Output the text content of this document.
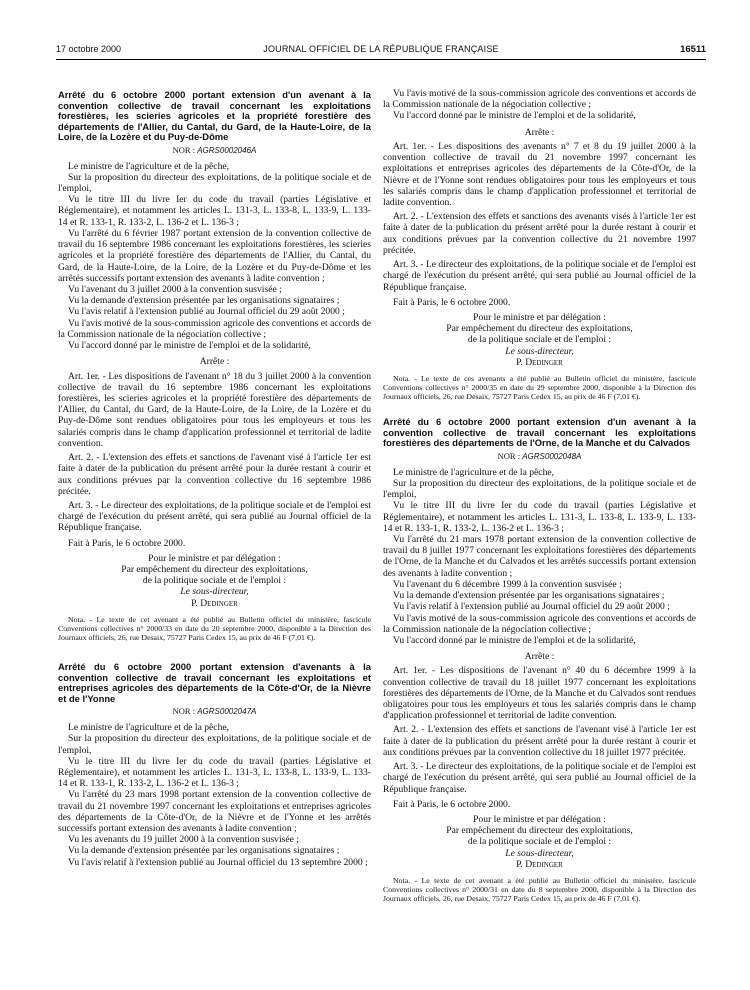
17 octobre 2000	JOURNAL OFFICIEL DE LA RÉPUBLIQUE FRANÇAISE	16511

Arrêté du 6 octobre 2000 portant extension d'un avenant à la convention collective de travail concernant les exploitations forestières, les scieries agricoles et la propriété forestière des départements de l'Allier, du Cantal, du Gard, de la Haute-Loire, de la Loire, de la Lozère et du Puy-de-Dôme

NOR : AGRS0002046A

Le ministre de l'agriculture et de la pêche,

Sur la proposition du directeur des exploitations, de la politique sociale et de l'emploi,

Vu le titre III du livre Ier du code du travail (parties Législative et Réglementaire), et notamment les articles L. 131-3, L. 133-8, L. 133-9, L. 133-14 et R. 133-1, R. 133-2, L. 136-2 et L. 136-3 ;

Vu l'arrêté du 6 février 1987 portant extension de la convention collective de travail du 16 septembre 1986 concernant les exploitations forestières, les scieries agricoles et la propriété forestière des départements de l'Allier, du Cantal, du Gard, de la Haute-Loire, de la Loire, de la Lozère et du Puy-de-Dôme et les arrêtés successifs portant extension des avenants à ladite convention ;

Vu l'avenant du 3 juillet 2000 à la convention susvisée ;

Vu la demande d'extension présentée par les organisations signataires ;

Vu l'avis relatif à l'extension publié au Journal officiel du 29 août 2000 ;

Vu l'avis motivé de la sous-commission agricole des conventions et accords de la Commission nationale de la négociation collective ;

Vu l'accord donné par le ministre de l'emploi et de la solidarité,

Arrête :

Art. 1er. - Les dispositions de l'avenant n° 18 du 3 juillet 2000 à la convention collective de travail du 16 septembre 1986 concernant les exploitations forestières, les scieries agricoles et la propriété forestière des départements de l'Allier, du Cantal, du Gard, de la Haute-Loire, de la Loire, de la Lozère et du Puy-de-Dôme sont rendues obligatoires pour tous les employeurs et tous les salariés compris dans le champ d'application professionnel et territorial de ladite convention.

Art. 2. - L'extension des effets et sanctions de l'avenant visé à l'article 1er est faite à dater de la publication du présent arrêté pour la durée restant à courir et aux conditions prévues par la convention collective du 16 septembre 1986 précitée.

Art. 3. - Le directeur des exploitations, de la politique sociale et de l'emploi est chargé de l'exécution du présent arrêté, qui sera publié au Journal officiel de la République française.

Fait à Paris, le 6 octobre 2000.

Pour le ministre et par délégation :
Par empêchement du directeur des exploitations,
de la politique sociale et de l'emploi :
Le sous-directeur,
P. Dedinger

Nota. - Le texte de cet avenant a été publié au Bulletin officiel du ministère, fascicule Conventions collectives n° 2000/33 en date du 20 septembre 2000, disponible à la Direction des Journaux officiels, 26, rue Desaix, 75727 Paris Cedex 15, au prix de 46 F (7,01 €).

Arrêté du 6 octobre 2000 portant extension d'avenants à la convention collective de travail concernant les exploitations et entreprises agricoles des départements de la Côte-d'Or, de la Nièvre et de l'Yonne

NOR : AGRS0002047A

Le ministre de l'agriculture et de la pêche,

Sur la proposition du directeur des exploitations, de la politique sociale et de l'emploi,

Vu le titre III du livre Ier du code du travail (parties Législative et Réglementaire), et notamment les articles L. 131-3, L. 133-8, L. 133-9, L. 133-14 et R. 133-1, R. 133-2, L. 136-2 et L. 136-3 ;

Vu l'arrêté du 23 mars 1998 portant extension de la convention collective de travail du 21 novembre 1997 concernant les exploitations et entreprises agricoles des départements de la Côte-d'Or, de la Nièvre et de l'Yonne et les arrêtés successifs portant extension des avenants à ladite convention ;

Vu les avenants du 19 juillet 2000 à la convention susvisée ;

Vu la demande d'extension présentée par les organisations signataires ;

Vu l'avis relatif à l'extension publié au Journal officiel du 13 septembre 2000 ;

Vu l'avis motivé de la sous-commission agricole des conventions et accords de la Commission nationale de la négociation collective ;

Vu l'accord donné par le ministre de l'emploi et de la solidarité,

Arrête :

Art. 1er. - Les dispositions des avenants n° 7 et 8 du 19 juillet 2000 à la convention collective de travail du 21 novembre 1997 concernant les exploitations et entreprises agricoles des départements de la Côte-d'Or, de la Nièvre et de l'Yonne sont rendues obligatoires pour tous les employeurs et tous les salariés compris dans le champ d'application professionnel et territorial de ladite convention.

Art. 2. - L'extension des effets et sanctions des avenants visés à l'article 1er est faite à dater de la publication du présent arrêté pour la durée restant à courir et aux conditions prévues par la convention collective du 21 novembre 1997 précitée.

Art. 3. - Le directeur des exploitations, de la politique sociale et de l'emploi est chargé de l'exécution du présent arrêté, qui sera publié au Journal officiel de la République française.

Fait à Paris, le 6 octobre 2000.

Pour le ministre et par délégation :
Par empêchement du directeur des exploitations,
de la politique sociale et de l'emploi :
Le sous-directeur,
P. Dedinger

Nota. - Le texte de ces avenants a été publié au Bulletin officiel du ministère, fascicule Conventions collectives n° 2000/35 en date du 29 septembre 2000, disponible à la Direction des Journaux officiels, 26, rue Desaix, 75727 Paris Cedex 15, au prix de 46 F (7,01 €).

Arrêté du 6 octobre 2000 portant extension d'un avenant à la convention collective de travail concernant les exploitations forestières des départements de l'Orne, de la Manche et du Calvados

NOR : AGRS0002048A

Le ministre de l'agriculture et de la pêche,

Sur la proposition du directeur des exploitations, de la politique sociale et de l'emploi,

Vu le titre III du livre Ier du code du travail (parties Législative et Réglementaire), et notamment les articles L. 131-3, L. 133-8, L. 133-9, L. 133-14 et R. 133-1, R. 133-2, L. 136-2 et L. 136-3 ;

Vu l'arrêté du 21 mars 1978 portant extension de la convention collective de travail du 8 juillet 1977 concernant les exploitations forestières des départements de l'Orne, de la Manche et du Calvados et les arrêtés successifs portant extension des avenants à ladite convention ;

Vu l'avenant du 6 décembre 1999 à la convention susvisée ;

Vu la demande d'extension présentée par les organisations signataires ;

Vu l'avis relatif à l'extension publié au Journal officiel du 29 août 2000 ;

Vu l'avis motivé de la sous-commission agricole des conventions et accords de la Commission nationale de la négociation collective ;

Vu l'accord donné par le ministre de l'emploi et de la solidarité,

Arrête :

Art. 1er. - Les dispositions de l'avenant n° 40 du 6 décembre 1999 à la convention collective de travail du 18 juillet 1977 concernant les exploitations forestières des départements de l'Orne, de la Manche et du Calvados sont rendues obligatoires pour tous les employeurs et tous les salariés compris dans le champ d'application professionnel et territorial de ladite convention.

Art. 2. - L'extension des effets et sanctions de l'avenant visé à l'article 1er est faite à dater de la publication du présent arrêté pour la durée restant à courir et aux conditions prévues par la convention collective du 18 juillet 1977 précitée.

Art. 3. - Le directeur des exploitations, de la politique sociale et de l'emploi est chargé de l'exécution du présent arrêté, qui sera publié au Journal officiel de la République française.

Fait à Paris, le 6 octobre 2000.

Pour le ministre et par délégation :
Par empêchement du directeur des exploitations,
de la politique sociale et de l'emploi :
Le sous-directeur,
P. Dedinger

Nota. - Le texte de cet avenant a été publié au Bulletin officiel du ministère, fascicule Conventions collectives n° 2000/31 en date du 8 septembre 2000, disponible à la Direction des Journaux officiels, 26, rue Desaix, 75727 Paris Cedex 15, au prix de 46 F (7,01 €).
